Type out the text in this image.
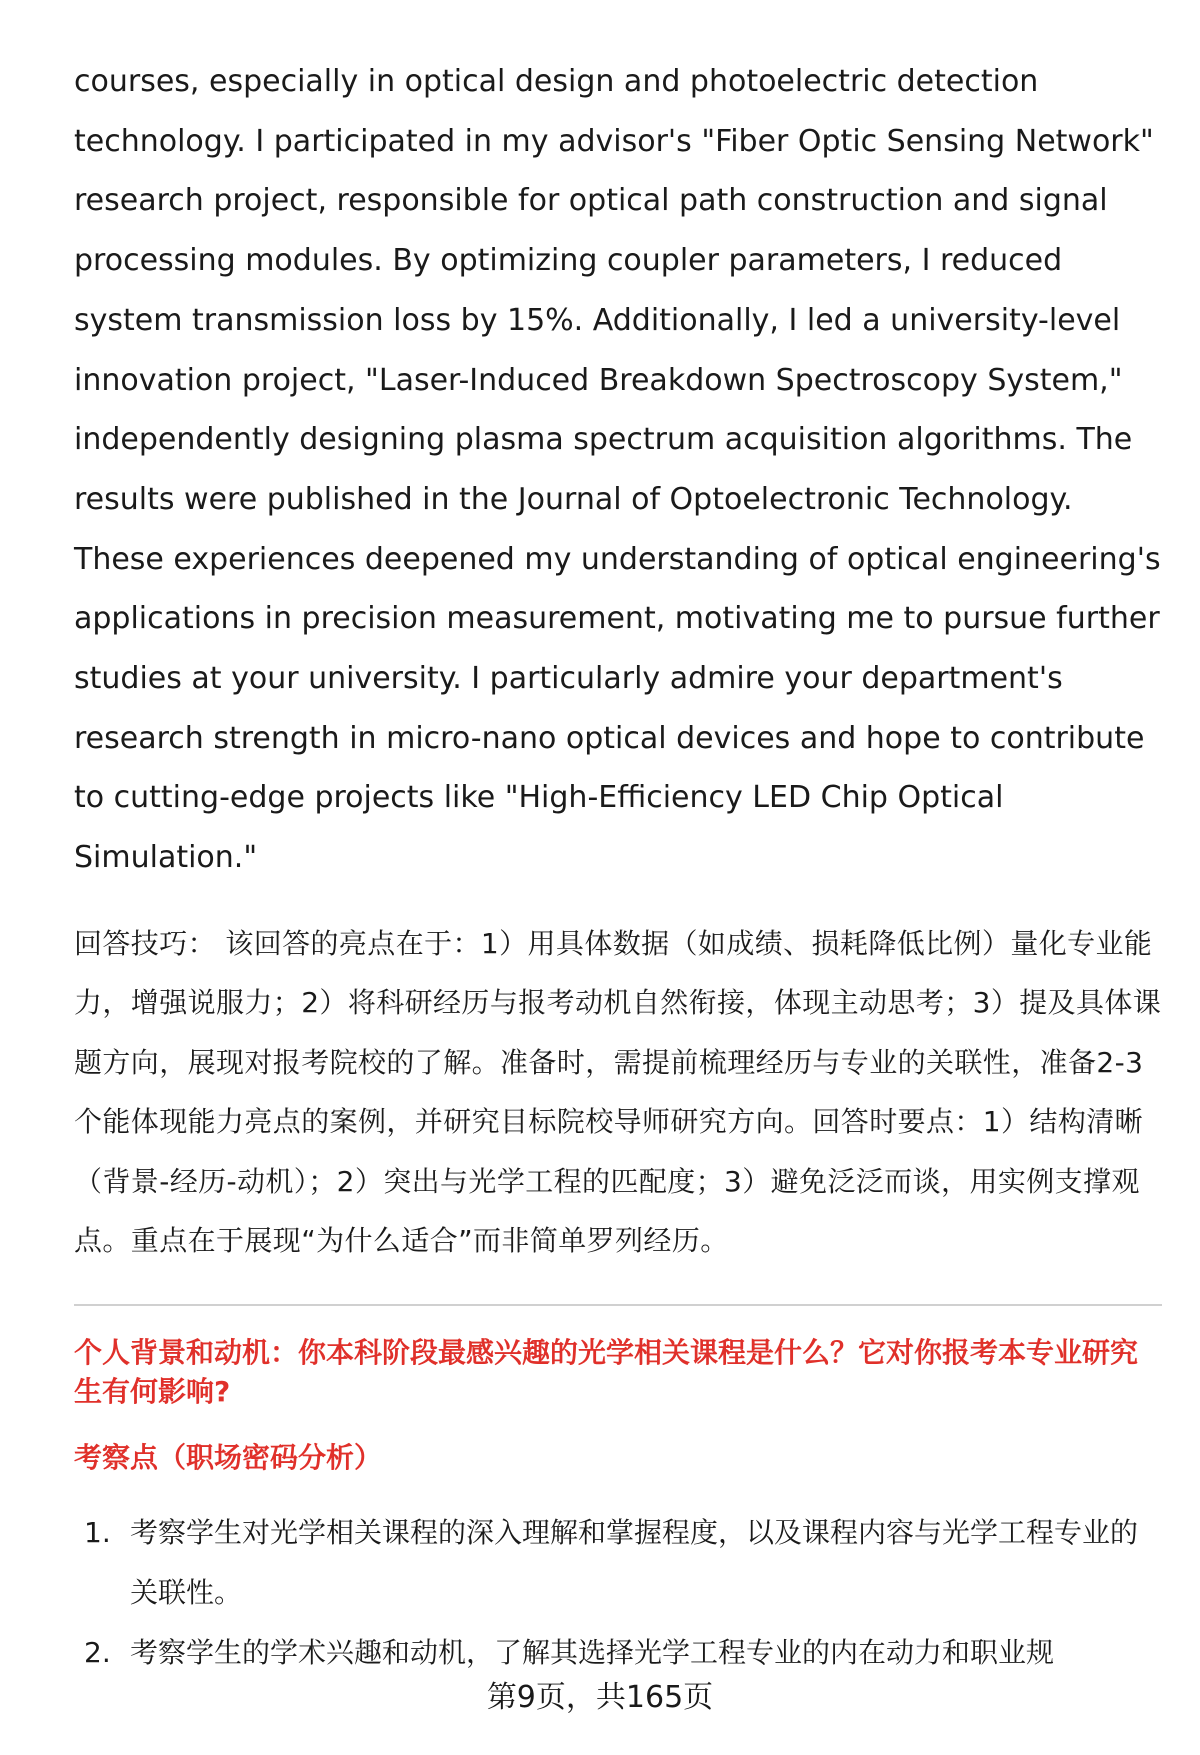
courses, especially in optical design and photoelectric detection technology. I participated in my advisor's "Fiber Optic Sensing Network" research project, responsible for optical path construction and signal processing modules. By optimizing coupler parameters, I reduced system transmission loss by 15%. Additionally, I led a university-level innovation project, "Laser-Induced Breakdown Spectroscopy System," independently designing plasma spectrum acquisition algorithms. The results were published in the Journal of Optoelectronic Technology. These experiences deepened my understanding of optical engineering's applications in precision measurement, motivating me to pursue further studies at your university. I particularly admire your department's research strength in micro-nano optical devices and hope to contribute to cutting-edge projects like "High-Efficiency LED Chip Optical Simulation."

回答技巧： 该回答的亮点在于：1）用具体数据（如成绩、损耗降低比例）量化专业能力，增强说服力；2）将科研经历与报考动机自然衔接，体现主动思考；3）提及具体课题方向，展现对报考院校的了解。准备时，需提前梳理经历与专业的关联性，准备2-3个能体现能力亮点的案例，并研究目标院校导师研究方向。回答时要点：1）结构清晰（背景-经历-动机）；2）突出与光学工程的匹配度；3）避免泛泛而谈，用实例支撑观点。重点在于展现“为什么适合”而非简单罗列经历。

个人背景和动机：你本科阶段最感兴趣的光学相关课程是什么？它对你报考本专业研究生有何影响?
考察点（职场密码分析）
1. 考察学生对光学相关课程的深入理解和掌握程度，以及课程内容与光学工程专业的关联性。
2. 考察学生的学术兴趣和动机，了解其选择光学工程专业的内在动力和职业规
第9页，共165页
